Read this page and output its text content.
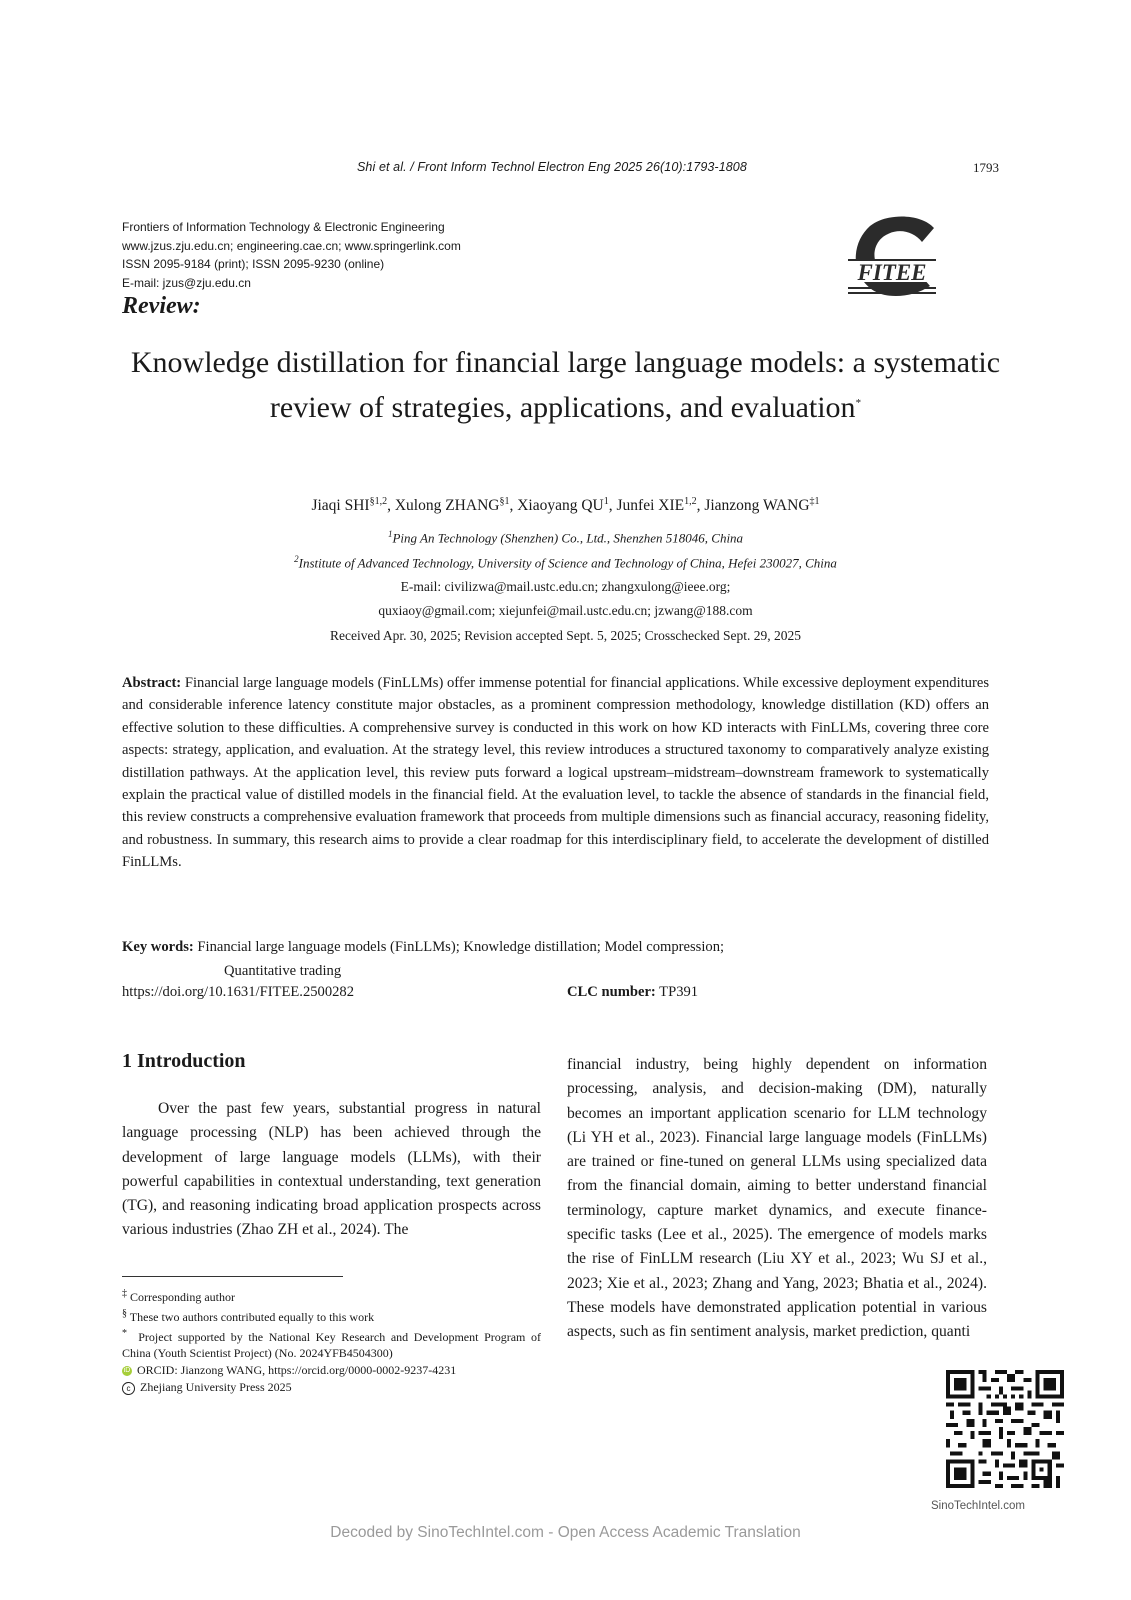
Shi et al. / Front Inform Technol Electron Eng 2025 26(10):1793-1808	1793
Frontiers of Information Technology & Electronic Engineering
www.jzus.zju.edu.cn; engineering.cae.cn; www.springerlink.com
ISSN 2095-9184 (print); ISSN 2095-9230 (online)
E-mail: jzus@zju.edu.cn	FITEE
Review:
Knowledge distillation for financial large language models: a systematic review of strategies, applications, and evaluation*
Jiaqi SHI$^{\S 1,2}$, Xulong ZHANG$^{\S 1}$, Xiaoyang $QU^1$, Junfei XIE$^{1,2}$, Jianzong WANG$^{\ddagger 1}$
$^1$Ping An Technology (Shenzhen) Co., Ltd., Shenzhen 518046, China
$^2$Institute of Advanced Technology, University of Science and Technology of China, Hefei 230027, China
E-mail: civilizwa@mail.ustc.edu.cn; zhangxulong@ieee.org;
quxiaoy@gmail.com; xiejunfei@mail.ustc.edu.cn; jzwang@188.com
Received Apr. 30, 2025; Revision accepted Sept. 5, 2025; Crosschecked Sept. 29, 2025
Abstract: Financial large language models (FinLLMs) offer immense potential for financial applications. While excessive deployment expenditures and considerable inference latency constitute major obstacles, as a prominent compression methodology, knowledge distillation (KD) offers an effective solution to these difficulties. A comprehensive survey is conducted in this work on how KD interacts with FinLLMs, covering three core aspects: strategy, application, and evaluation. At the strategy level, this review introduces a structured taxonomy to comparatively analyze existing distillation pathways. At the application level, this review puts forward a logical upstream–midstream–downstream framework to systematically explain the practical value of distilled models in the financial field. At the evaluation level, to tackle the absence of standards in the financial field, this review constructs a comprehensive evaluation framework that proceeds from multiple dimensions such as financial accuracy, reasoning fidelity, and robustness. In summary, this research aims to provide a clear roadmap for this interdisciplinary field, to accelerate the development of distilled FinLLMs.
Key words: Financial large language models (FinLLMs); Knowledge distillation; Model compression;
Quantitative trading
https://doi.org/10.1631/FITEE.2500282	CLC number: TP391
1 Introduction
Over the past few years, substantial progress in natural language processing (NLP) has been achieved through the development of large language models (LLMs), with their powerful capabilities in contextual understanding, text generation (TG), and reasoning indicating broad application prospects across various industries (Zhao ZH et al., 2024). The
financial industry, being highly dependent on information processing, analysis, and decision-making (DM), naturally becomes an important application scenario for LLM technology (Li YH et al., 2023). Financial large language models (FinLLMs) are trained or fine-tuned on general LLMs using specialized data from the financial domain, aiming to better understand financial terminology, capture market dynamics, and execute finance-specific tasks (Lee et al., 2025). The emergence of models marks the rise of FinLLM research (Liu XY et al., 2023; Wu SJ et al., 2023; Xie et al., 2023; Zhang and Yang, 2023; Bhatia et al., 2024). These models have demonstrated application potential in various aspects, such as fin sentiment analysis, market prediction, quanti
‡ Corresponding author
§ These two authors contributed equally to this work
* Project supported by the National Key Research and Development Program of China (Youth Scientist Project) (No. 2024YFB4504300)
iD ORCID: Jianzong WANG, https://orcid.org/0000-0002-9237-4231
c Zhejiang University Press 2025
SinoTechIntel.com
Decoded by SinoTechIntel.com - Open Access Academic Translation
